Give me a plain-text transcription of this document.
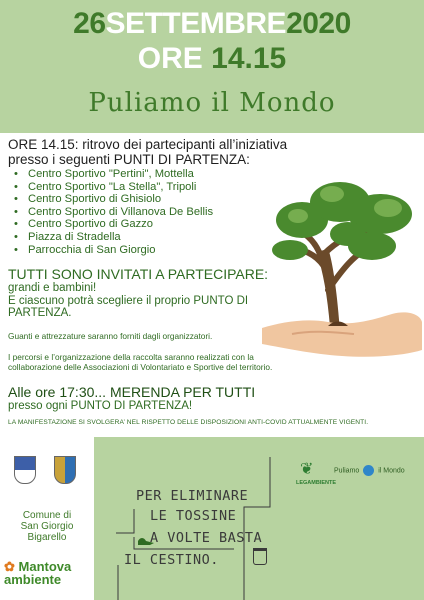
26SETTEMBRE2020
ORE 14.15
Puliamo il Mondo
ORE 14.15: ritrovo dei partecipanti all’iniziativa
presso i seguenti PUNTI DI PARTENZA:
• Centro Sportivo "Pertini", Mottella
• Centro Sportivo "La Stella", Tripoli
• Centro Sportivo di Ghisiolo
• Centro Sportivo di Villanova De Bellis
• Centro Sportivo di Gazzo
• Piazza di Stradella
• Parrocchia di San Giorgio
TUTTI SONO INVITATI A PARTECIPARE:
grandi e bambini!
E ciascuno potrà scegliere il proprio PUNTO DI
PARTENZA.
Guanti e attrezzature saranno forniti dagli organizzatori.
I percorsi e l’organizzazione della raccolta saranno realizzati con la
collaborazione delle Associazioni di Volontariato e Sportive del territorio.
Alle ore 17:30... MERENDA PER TUTTI
presso ogni PUNTO DI PARTENZA!
LA MANIFESTAZIONE SI SVOLGERA’ NEL RISPETTO DELLE DISPOSIZIONI ANTI-COVID ATTUALMENTE VIGENTI.
Comune di
San Giorgio
Bigarello
✿ Mantova
ambiente
PER ELIMINARE
LE TOSSINE
A VOLTE BASTA
IL CESTINO.
❦
LEGAMBIENTE
Puliamo	il Mondo
